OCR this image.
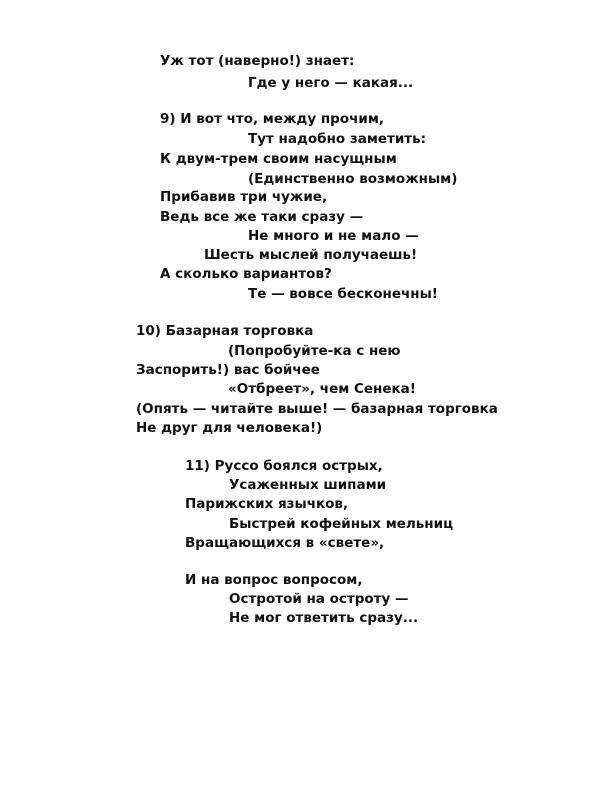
Уж тот (наверно!) знает:
Где у него — какая...
9) И вот что, между прочим,
Тут надобно заметить:
К двум-трем своим насущным
(Единственно возможным)
Прибавив три чужие,
Ведь все же таки сразу —
Не много и не мало —
Шесть мыслей получаешь!
А сколько вариантов?
Те — вовсе бесконечны!
10) Базарная торговка
(Попробуйте-ка с нею
Заспорить!) вас бойчее
«Отбреет», чем Сенека!
(Опять — читайте выше! — базарная торговка
Не друг для человека!)
11) Руссо боялся острых,
Усаженных шипами
Парижских язычков,
Быстрей кофейных мельниц
Вращающихся в «свете»,
И на вопрос вопросом,
Остротой на остроту —
Не мог ответить сразу...
